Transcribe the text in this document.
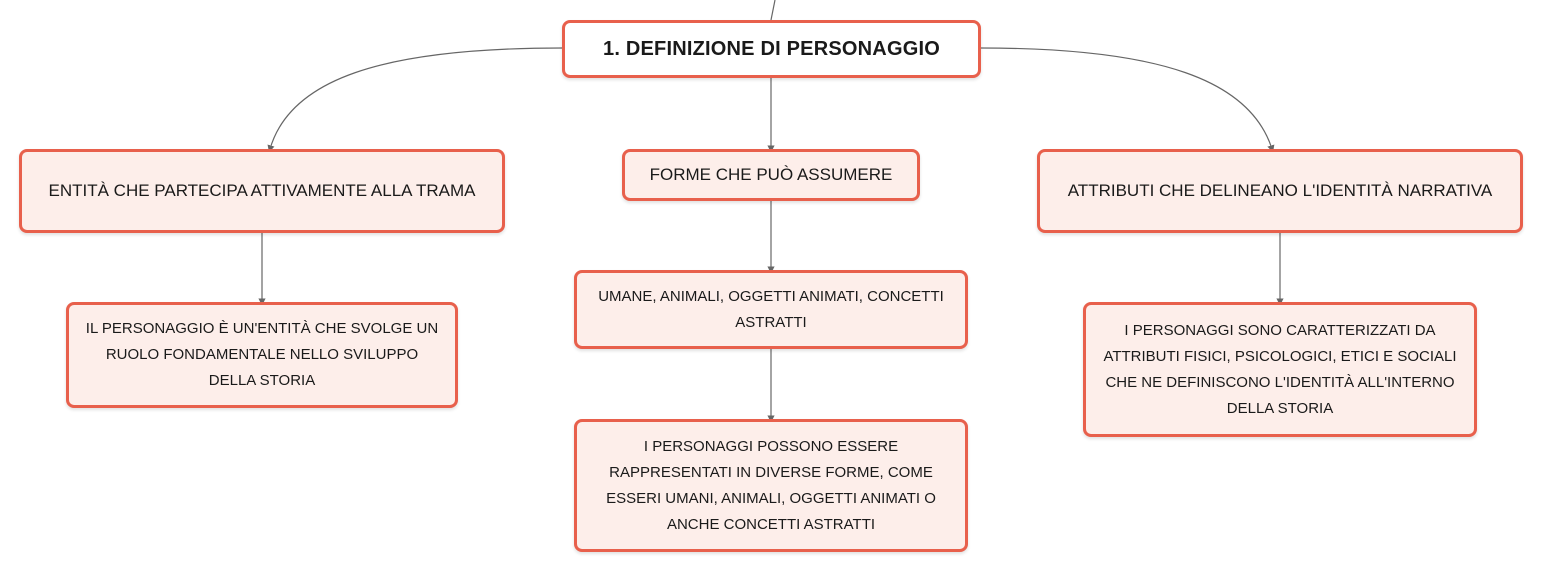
1. DEFINIZIONE DI PERSONAGGIO
ENTITÀ CHE PARTECIPA ATTIVAMENTE ALLA TRAMA
FORME CHE PUÒ ASSUMERE
ATTRIBUTI CHE DELINEANO L'IDENTITÀ NARRATIVA
IL PERSONAGGIO È UN'ENTITÀ CHE SVOLGE UN RUOLO FONDAMENTALE NELLO SVILUPPO DELLA STORIA
UMANE, ANIMALI, OGGETTI ANIMATI, CONCETTI ASTRATTI
I PERSONAGGI POSSONO ESSERE RAPPRESENTATI IN DIVERSE FORME, COME ESSERI UMANI, ANIMALI, OGGETTI ANIMATI O ANCHE CONCETTI ASTRATTI
I PERSONAGGI SONO CARATTERIZZATI DA ATTRIBUTI FISICI, PSICOLOGICI, ETICI E SOCIALI CHE NE DEFINISCONO L'IDENTITÀ ALL'INTERNO DELLA STORIA
